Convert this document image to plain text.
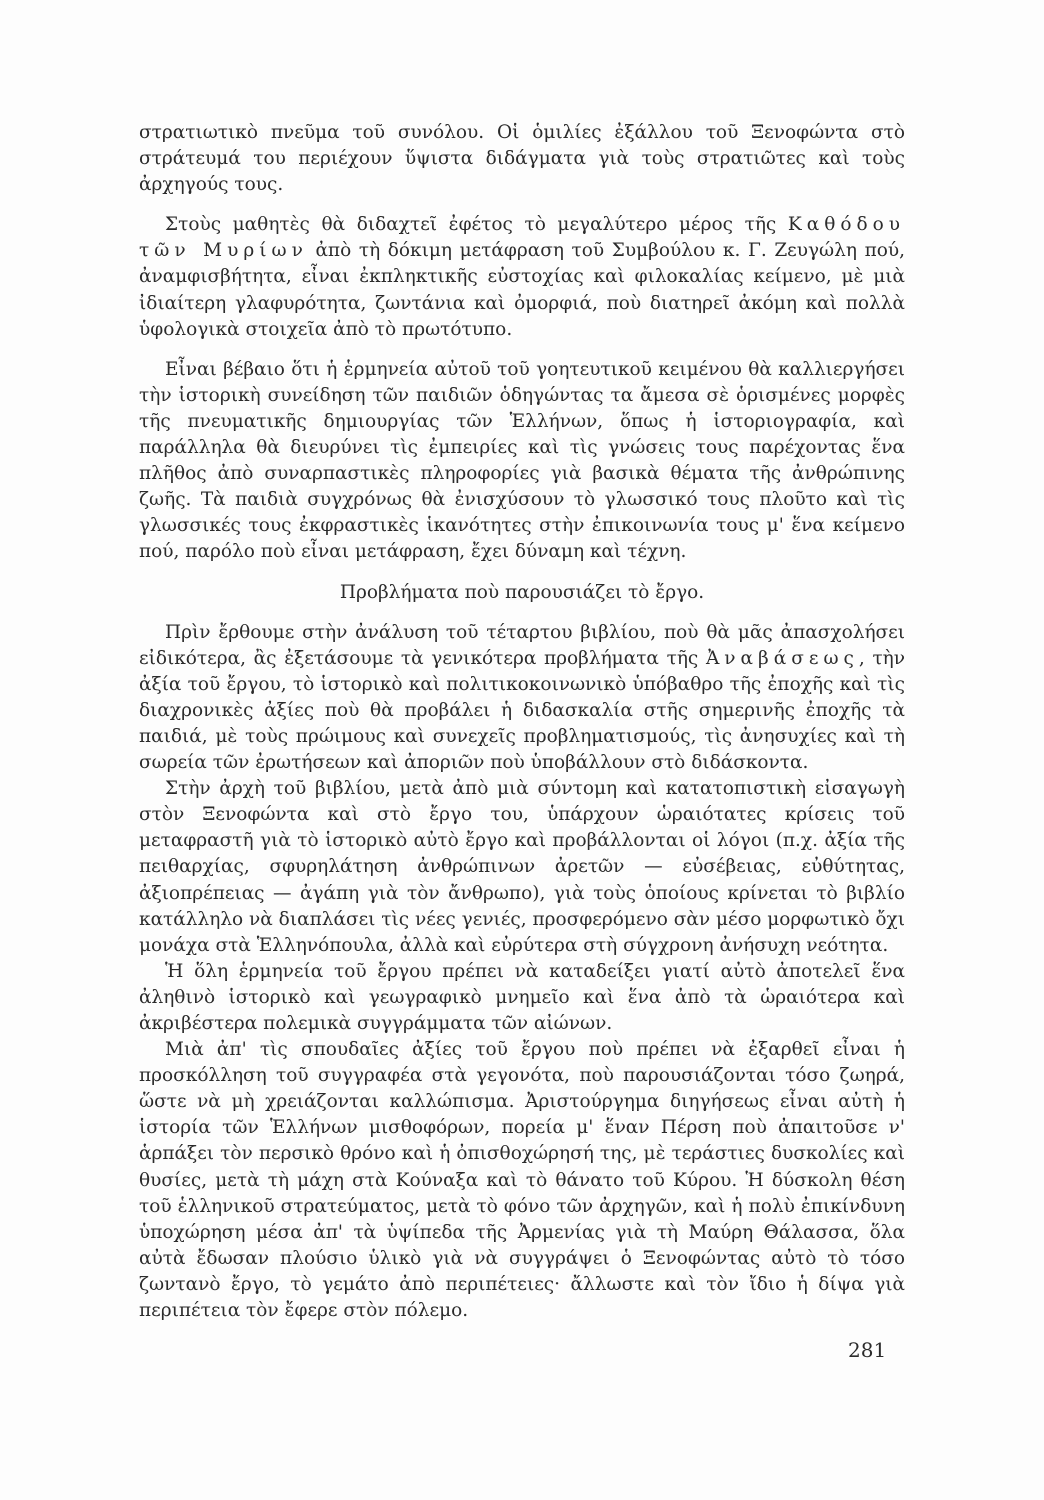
στρατιωτικὸ πνεῦμα τοῦ συνόλου. Οἱ ὁμιλίες ἐξάλλου τοῦ Ξενοφώντα στὸ στράτευμά του περιέχουν ὕψιστα διδάγματα γιὰ τοὺς στρατιῶτες καὶ τοὺς ἀρχηγούς τους.

Στοὺς μαθητὲς θὰ διδαχτεῖ ἐφέτος τὸ μεγαλύτερο μέρος τῆς Καθόδου τῶν Μυρίων ἀπὸ τὴ δόκιμη μετάφραση τοῦ Συμβούλου κ. Γ. Ζευγώλη πού, ἀναμφισβήτητα, εἶναι ἐκπληκτικῆς εὐστοχίας καὶ φιλοκαλίας κείμενο, μὲ μιὰ ἰδιαίτερη γλαφυρότητα, ζωντάνια καὶ ὀμορφιά, ποὺ διατηρεῖ ἀκόμη καὶ πολλὰ ὑφολογικὰ στοιχεῖα ἀπὸ τὸ πρωτότυπο.

Εἶναι βέβαιο ὅτι ἡ ἑρμηνεία αὐτοῦ τοῦ γοητευτικοῦ κειμένου θὰ καλλιεργήσει τὴν ἱστορικὴ συνείδηση τῶν παιδιῶν ὁδηγώντας τα ἄμεσα σὲ ὁρισμένες μορφὲς τῆς πνευματικῆς δημιουργίας τῶν Ἑλλήνων, ὅπως ἡ ἱστοριογραφία, καὶ παράλληλα θὰ διευρύνει τὶς ἐμπειρίες καὶ τὶς γνώσεις τους παρέχοντας ἕνα πλῆθος ἀπὸ συναρπαστικὲς πληροφορίες γιὰ βασικὰ θέματα τῆς ἀνθρώπινης ζωῆς. Τὰ παιδιὰ συγχρόνως θὰ ἐνισχύσουν τὸ γλωσσικό τους πλοῦτο καὶ τὶς γλωσσικές τους ἐκφραστικὲς ἱκανότητες στὴν ἐπικοινωνία τους μ' ἕνα κείμενο πού, παρόλο ποὺ εἶναι μετάφραση, ἔχει δύναμη καὶ τέχνη.

Προβλήματα ποὺ παρουσιάζει τὸ ἔργο.

Πρὶν ἔρθουμε στὴν ἀνάλυση τοῦ τέταρτου βιβλίου, ποὺ θὰ μᾶς ἀπασχολήσει εἰδικότερα, ἂς ἐξετάσουμε τὰ γενικότερα προβλήματα τῆς Ἀναβάσεως, τὴν ἀξία τοῦ ἔργου, τὸ ἱστορικὸ καὶ πολιτικοκοινωνικὸ ὑπόβαθρο τῆς ἐποχῆς καὶ τὶς διαχρονικὲς ἀξίες ποὺ θὰ προβάλει ἡ διδασκαλία στῆς σημερινῆς ἐποχῆς τὰ παιδιά, μὲ τοὺς πρώιμους καὶ συνεχεῖς προβληματισμούς, τὶς ἀνησυχίες καὶ τὴ σωρεία τῶν ἐρωτήσεων καὶ ἀποριῶν ποὺ ὑποβάλλουν στὸ διδάσκοντα.

Στὴν ἀρχὴ τοῦ βιβλίου, μετὰ ἀπὸ μιὰ σύντομη καὶ κατατοπιστικὴ εἰσαγωγὴ στὸν Ξενοφώντα καὶ στὸ ἔργο του, ὑπάρχουν ὡραιότατες κρίσεις τοῦ μεταφραστῆ γιὰ τὸ ἱστορικὸ αὐτὸ ἔργο καὶ προβάλλονται οἱ λόγοι (π.χ. ἀξία τῆς πειθαρχίας, σφυρηλάτηση ἀνθρώπινων ἀρετῶν — εὐσέβειας, εὐθύτητας, ἀξιοπρέπειας — ἀγάπη γιὰ τὸν ἄνθρωπο), γιὰ τοὺς ὁποίους κρίνεται τὸ βιβλίο κατάλληλο νὰ διαπλάσει τὶς νέες γενιές, προσφερόμενο σὰν μέσο μορφωτικὸ ὄχι μονάχα στὰ Ἑλληνόπουλα, ἀλλὰ καὶ εὐρύτερα στὴ σύγχρονη ἀνήσυχη νεότητα.

Ἡ ὅλη ἑρμηνεία τοῦ ἔργου πρέπει νὰ καταδείξει γιατί αὐτὸ ἀποτελεῖ ἕνα ἀληθινὸ ἱστορικὸ καὶ γεωγραφικὸ μνημεῖο καὶ ἕνα ἀπὸ τὰ ὡραιότερα καὶ ἀκριβέστερα πολεμικὰ συγγράμματα τῶν αἰώνων.

Μιὰ ἀπ' τὶς σπουδαῖες ἀξίες τοῦ ἔργου ποὺ πρέπει νὰ ἐξαρθεῖ εἶναι ἡ προσκόλληση τοῦ συγγραφέα στὰ γεγονότα, ποὺ παρουσιάζονται τόσο ζωηρά, ὥστε νὰ μὴ χρειάζονται καλλώπισμα. Ἀριστούργημα διηγήσεως εἶναι αὐτὴ ἡ ἱστορία τῶν Ἑλλήνων μισθοφόρων, πορεία μ' ἕναν Πέρση ποὺ ἀπαιτοῦσε ν' ἁρπάξει τὸν περσικὸ θρόνο καὶ ἡ ὀπισθοχώρησή της, μὲ τεράστιες δυσκολίες καὶ θυσίες, μετὰ τὴ μάχη στὰ Κούναξα καὶ τὸ θάνατο τοῦ Κύρου. Ἡ δύσκολη θέση τοῦ ἑλληνικοῦ στρατεύματος, μετὰ τὸ φόνο τῶν ἀρχηγῶν, καὶ ἡ πολὺ ἐπικίνδυνη ὑποχώρηση μέσα ἀπ' τὰ ὑψίπεδα τῆς Ἀρμενίας γιὰ τὴ Μαύρη Θάλασσα, ὅλα αὐτὰ ἔδωσαν πλούσιο ὑλικὸ γιὰ νὰ συγγράψει ὁ Ξενοφώντας αὐτὸ τὸ τόσο ζωντανὸ ἔργο, τὸ γεμάτο ἀπὸ περιπέτειες· ἄλλωστε καὶ τὸν ἴδιο ἡ δίψα γιὰ περιπέτεια τὸν ἔφερε στὸν πόλεμο.

281
